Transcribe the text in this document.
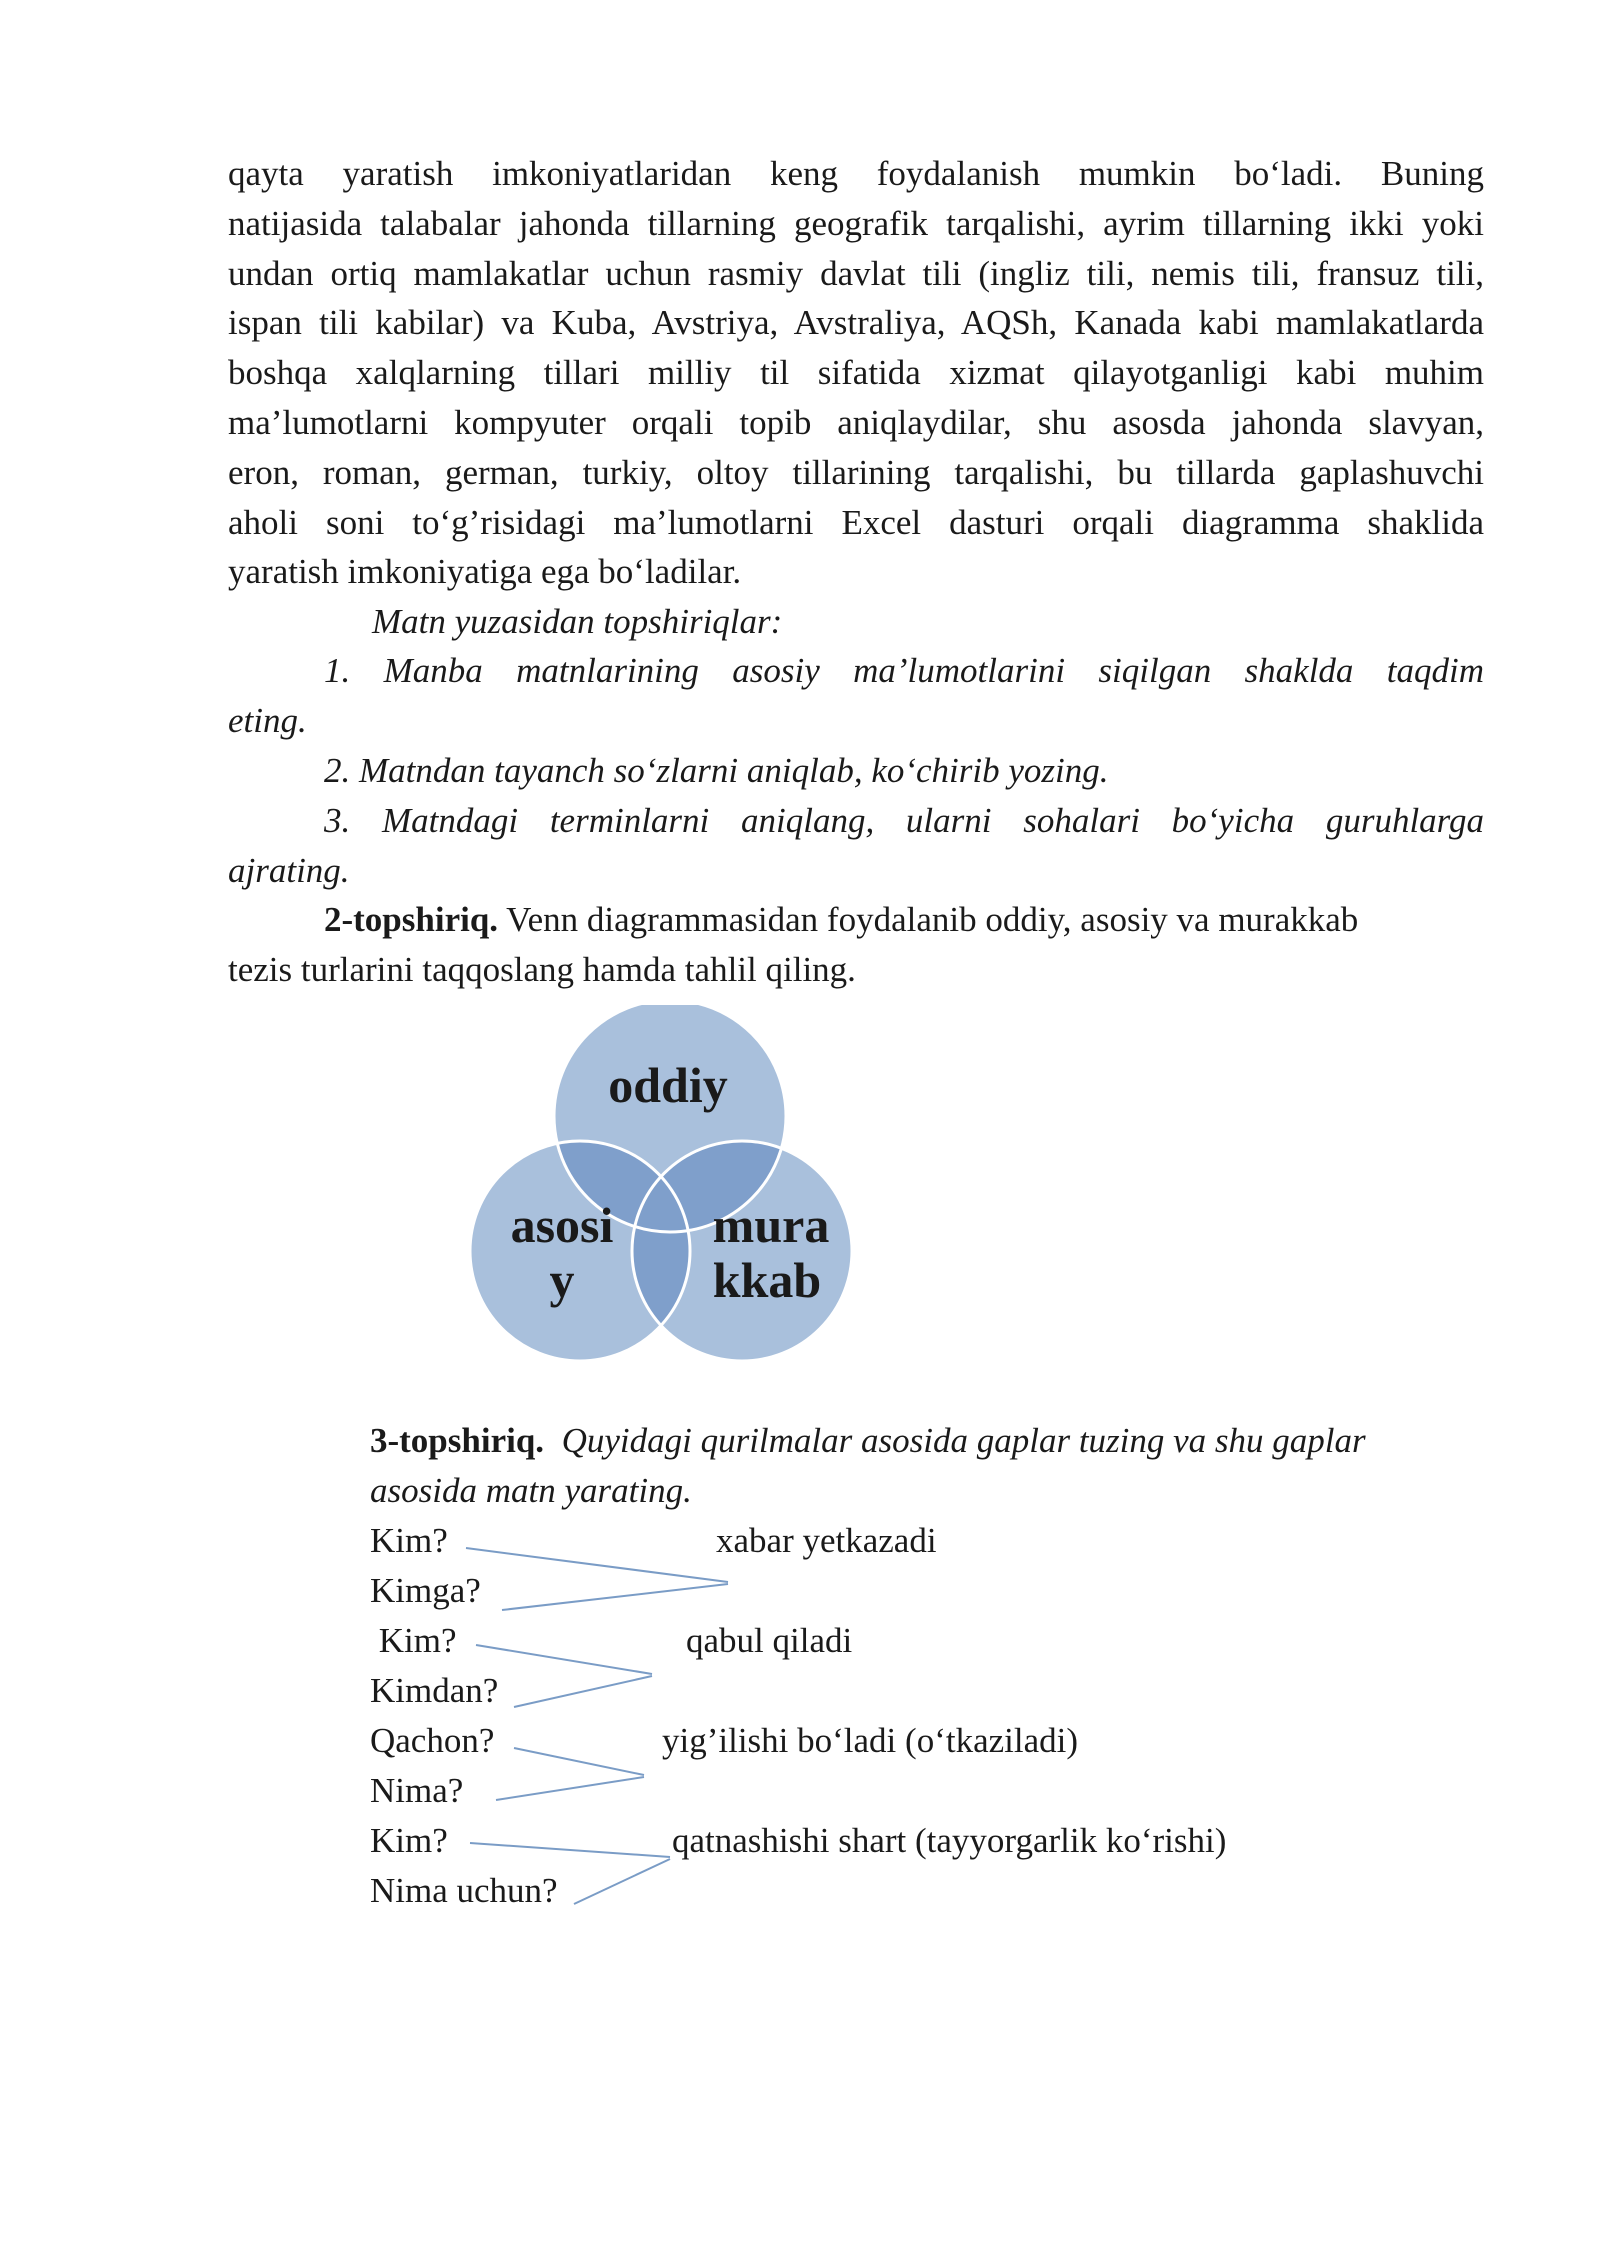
qayta yaratish imkoniyatlaridan keng foydalanish mumkin bo‘ladi. Buning
natijasida talabalar jahonda tillarning geografik tarqalishi, ayrim tillarning ikki yoki
undan ortiq mamlakatlar uchun rasmiy davlat tili (ingliz tili, nemis tili, fransuz tili,
ispan tili kabilar) va Kuba, Avstriya, Avstraliya, AQSh, Kanada kabi mamlakatlarda
boshqa xalqlarning tillari milliy til sifatida xizmat qilayotganligi kabi muhim
ma’lumotlarni kompyuter orqali topib aniqlaydilar, shu asosda jahonda slavyan,
eron, roman, german, turkiy, oltoy tillarining tarqalishi, bu tillarda gaplashuvchi
aholi soni to‘g’risidagi ma’lumotlarni Excel dasturi orqali diagramma shaklida
yaratish imkoniyatiga ega bo‘ladilar.
Matn yuzasidan topshiriqlar:
1. Manba matnlarining asosiy ma’lumotlarini siqilgan shaklda taqdim
eting.
2. Matndan tayanch so‘zlarni aniqlab, ko‘chirib yozing.
3. Matndagi terminlarni aniqlang, ularni sohalari bo‘yicha guruhlarga
ajrating.
2-topshiriq. Venn diagrammasidan foydalanib oddiy, asosiy va murakkab
tezis turlarini taqqoslang hamda tahlil qiling.
oddiy
asosi
y
mura
kkab
3-topshiriq. Quyidagi qurilmalar asosida gaplar tuzing va shu gaplar
asosida matn yarating.
Kim?	xabar yetkazadi
Kimga?
Kim?	qabul qiladi
Kimdan?
Qachon?	yig’ilishi bo‘ladi (o‘tkaziladi)
Nima?
Kim?	qatnashishi shart (tayyorgarlik ko‘rishi)
Nima uchun?
